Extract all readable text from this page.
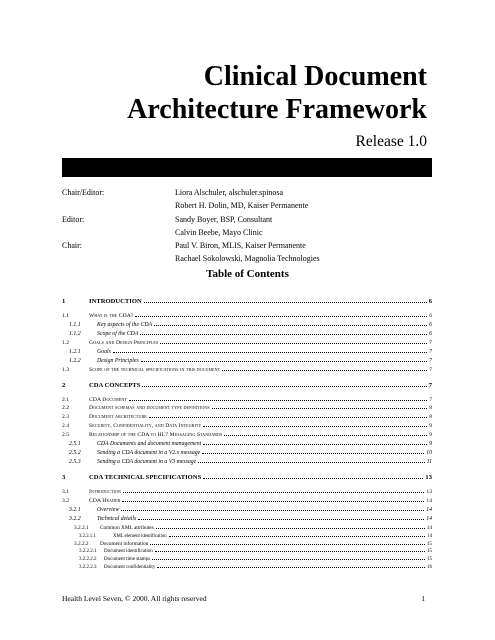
Clinical Document
Architecture Framework
Release 1.0
Chair/Editor:	Liora Alschuler, alschuler.spinosa
Robert H. Dolin, MD, Kaiser Permanente
Editor:	Sandy Boyer, BSP, Consultant
Calvin Beebe, Mayo Clinic
Chair:	Paul V. Biron, MLIS, Kaiser Permanente
Rachael Sokolowski, Magnolia Technologies
Table of Contents
1	INTRODUCTION	6
1.1	What is the CDA?	6
1.1.1	Key aspects of the CDA	6
1.1.2	Scope of the CDA	6
1.2	Goals and Design Principles	7
1.2.1	Goals	7
1.2.2	Design Principles	7
1.3	Scope of the technical specifications in this document	7
2	CDA CONCEPTS	7
2.1	CDA Document	7
2.2	Document schemas and document type definitions	8
2.3	Document architecture	8
2.4	Security, Confidentiality, and Data Integrity	9
2.5	Relationship of the CDA to HL7 Messaging Standards	9
2.5.1	CDA Documents and document management	9
2.5.2	Sending a CDA document in a V2.x message	10
2.5.3	Sending a CDA document in a V3 message	11
3	CDA TECHNICAL SPECIFICATIONS	13
3.1	Introduction	13
3.2	CDA Header	14
3.2.1	Overview	14
3.2.2	Technical details	14
3.2.2.1	Common XML attributes	14
3.2.2.1.1	XML element identification	14
3.2.2.2	Document information	15
3.2.2.2.1	Document identification	15
3.2.2.2.2	Document time stamps	15
3.2.2.2.3	Document confidentiality	16
Health Level Seven, © 2000. All rights reserved	1
